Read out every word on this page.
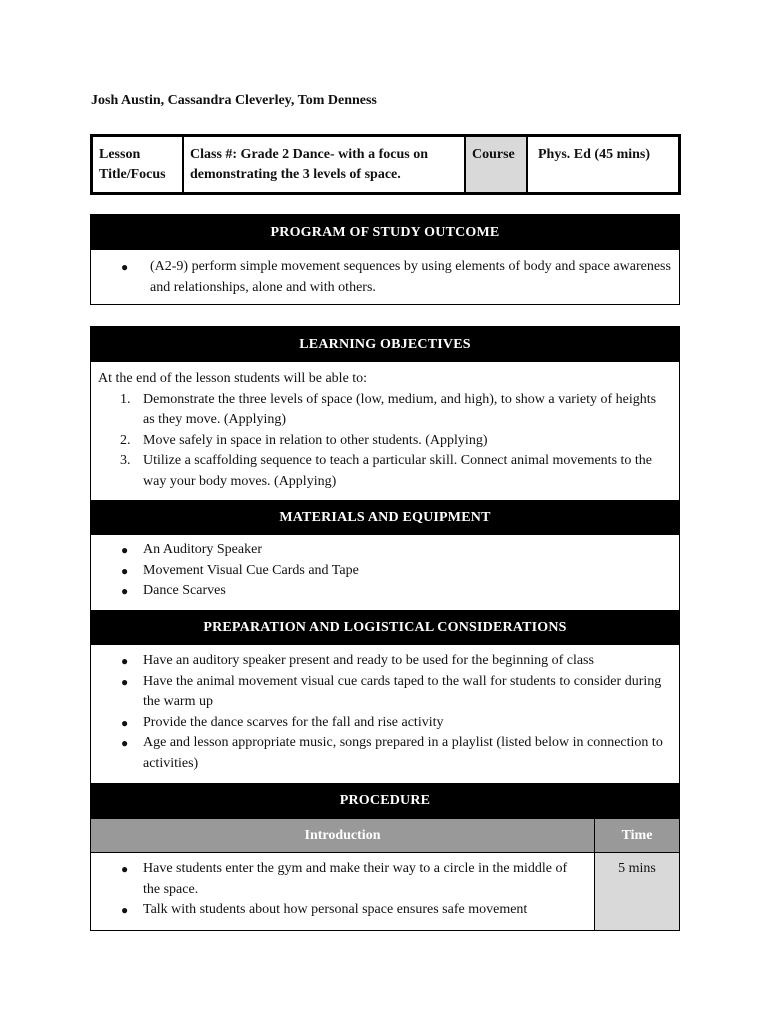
Josh Austin, Cassandra Cleverley, Tom Denness
Lesson Title/Focus
Class #: Grade 2 Dance- with a focus on demonstrating the 3 levels of space.
Course	Phys. Ed (45 mins)
PROGRAM OF STUDY OUTCOME
● (A2-9) perform simple movement sequences by using elements of body and space awareness and relationships, alone and with others.
LEARNING OBJECTIVES
At the end of the lesson students will be able to:
1. Demonstrate the three levels of space (low, medium, and high), to show a variety of heights as they move. (Applying)
2. Move safely in space in relation to other students. (Applying)
3. Utilize a scaffolding sequence to teach a particular skill. Connect animal movements to the way your body moves. (Applying)
MATERIALS AND EQUIPMENT
● An Auditory Speaker
● Movement Visual Cue Cards and Tape
● Dance Scarves
PREPARATION AND LOGISTICAL CONSIDERATIONS
● Have an auditory speaker present and ready to be used for the beginning of class
● Have the animal movement visual cue cards taped to the wall for students to consider during the warm up
● Provide the dance scarves for the fall and rise activity
● Age and lesson appropriate music, songs prepared in a playlist (listed below in connection to activities)
PROCEDURE
Introduction	Time
● Have students enter the gym and make their way to a circle in the middle of the space.
● Talk with students about how personal space ensures safe movement
5 mins
